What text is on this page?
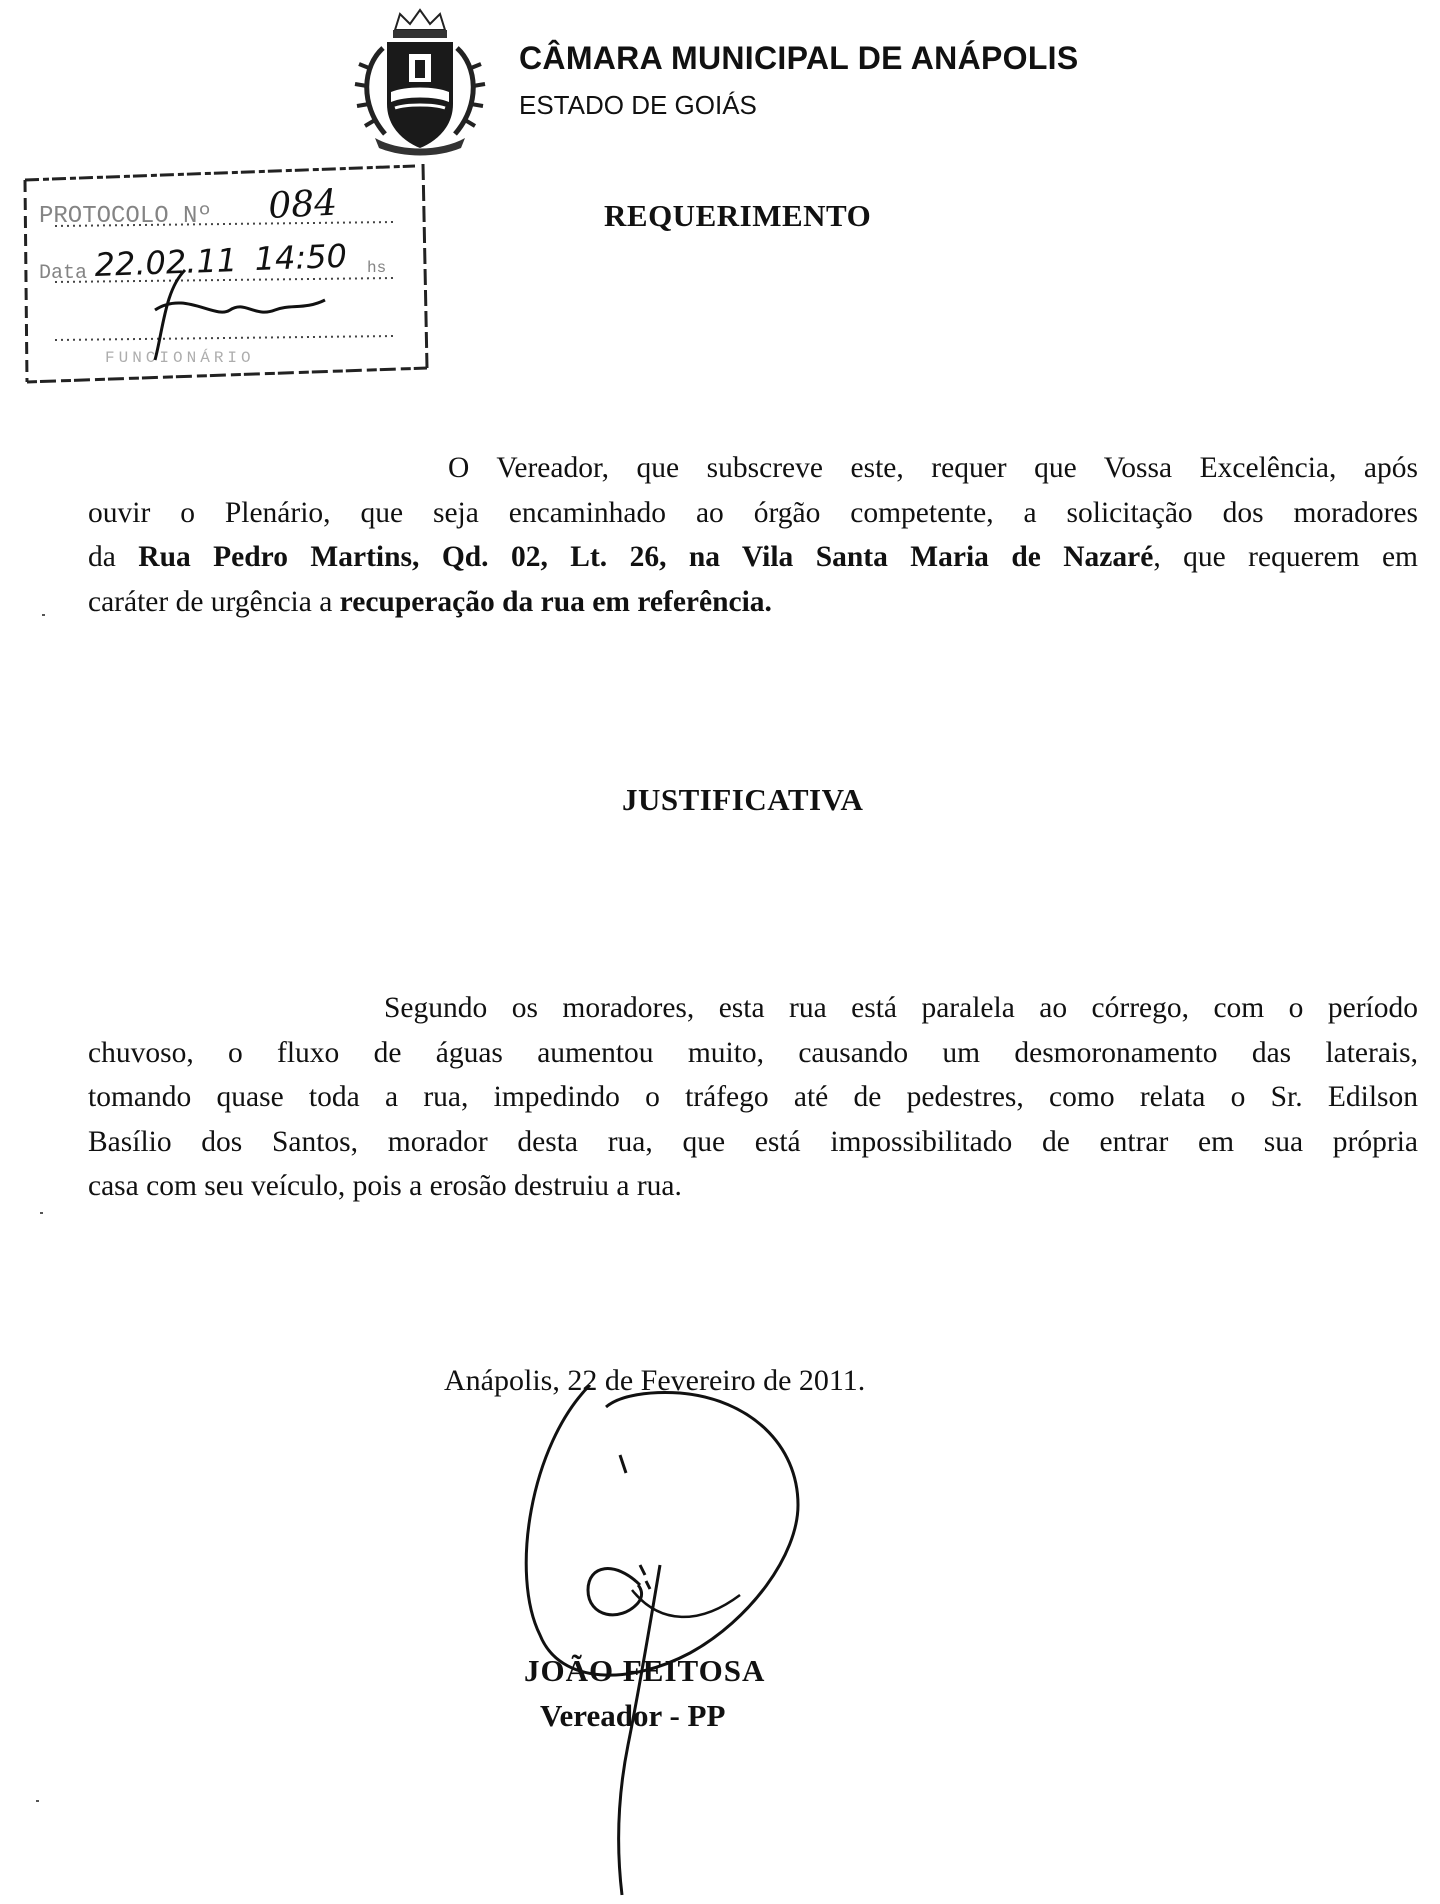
CÂMARA MUNICIPAL DE ANÁPOLIS
ESTADO DE GOIÁS
PROTOCOLO Nº
Data	hs
FUNCIONÁRIO
084
22.02.11 14:50
REQUERIMENTO
O Vereador, que subscreve este, requer que Vossa Excelência, após
ouvir o Plenário, que seja encaminhado ao órgão competente, a solicitação dos moradores
da Rua Pedro Martins, Qd. 02, Lt. 26, na Vila Santa Maria de Nazaré, que requerem em
caráter de urgência a recuperação da rua em referência.
JUSTIFICATIVA
Segundo os moradores, esta rua está paralela ao córrego, com o período
chuvoso, o fluxo de águas aumentou muito, causando um desmoronamento das laterais,
tomando quase toda a rua, impedindo o tráfego até de pedestres, como relata o Sr. Edilson
Basílio dos Santos, morador desta rua, que está impossibilitado de entrar em sua própria
casa com seu veículo, pois a erosão destruiu a rua.
Anápolis, 22 de Fevereiro de 2011.
JOÃO FEITOSA
Vereador - PP
